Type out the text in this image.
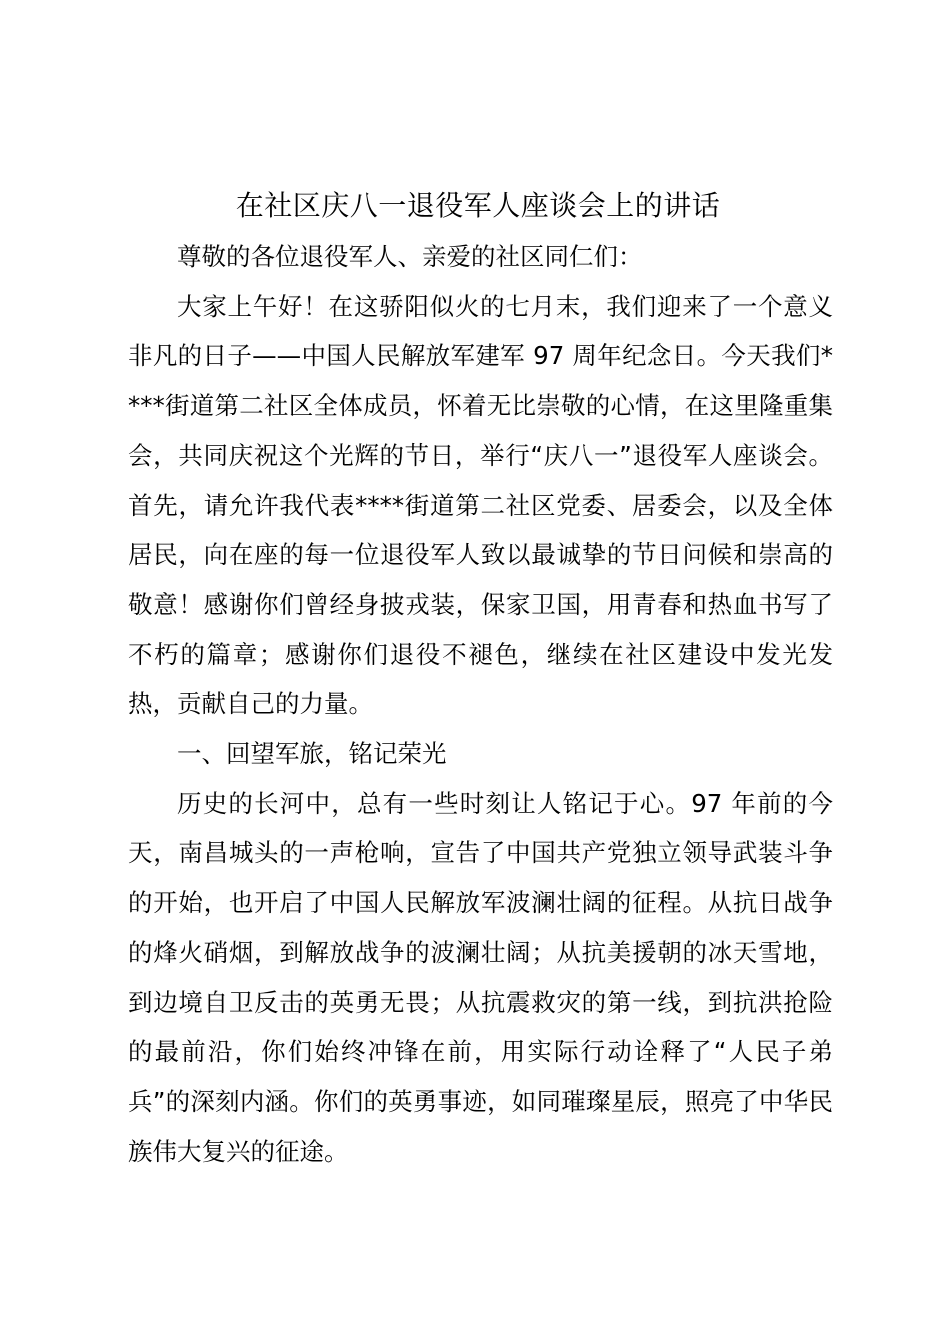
在社区庆八一退役军人座谈会上的讲话

尊敬的各位退役军人、亲爱的社区同仁们：

大家上午好！在这骄阳似火的七月末，我们迎来了一个意义非凡的日子——中国人民解放军建军 97 周年纪念日。今天我们****街道第二社区全体成员，怀着无比崇敬的心情，在这里隆重集会，共同庆祝这个光辉的节日，举行“庆八一”退役军人座谈会。首先，请允许我代表****街道第二社区党委、居委会，以及全体居民，向在座的每一位退役军人致以最诚挚的节日问候和崇高的敬意！感谢你们曾经身披戎装，保家卫国，用青春和热血书写了不朽的篇章；感谢你们退役不褪色，继续在社区建设中发光发热，贡献自己的力量。

一、回望军旅，铭记荣光

历史的长河中，总有一些时刻让人铭记于心。97 年前的今天，南昌城头的一声枪响，宣告了中国共产党独立领导武装斗争的开始，也开启了中国人民解放军波澜壮阔的征程。从抗日战争的烽火硝烟，到解放战争的波澜壮阔；从抗美援朝的冰天雪地，到边境自卫反击的英勇无畏；从抗震救灾的第一线，到抗洪抢险的最前沿，你们始终冲锋在前，用实际行动诠释了“人民子弟兵”的深刻内涵。你们的英勇事迹，如同璀璨星辰，照亮了中华民族伟大复兴的征途。
